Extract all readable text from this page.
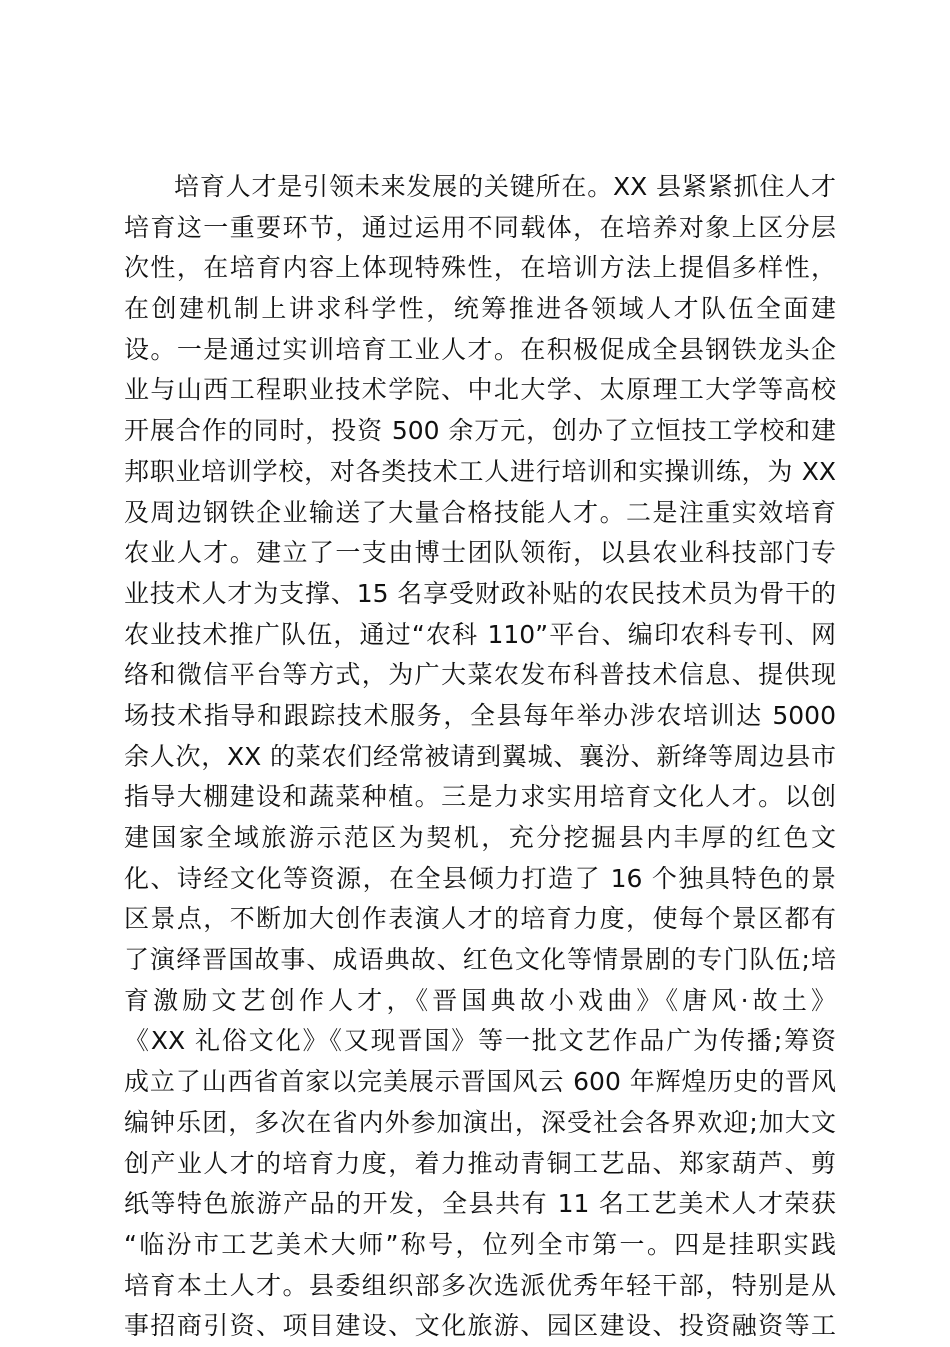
培育人才是引领未来发展的关键所在。XX 县紧紧抓住人才
培育这一重要环节，通过运用不同载体，在培养对象上区分层
次性，在培育内容上体现特殊性，在培训方法上提倡多样性，
在创建机制上讲求科学性，统筹推进各领域人才队伍全面建
设。一是通过实训培育工业人才。在积极促成全县钢铁龙头企
业与山西工程职业技术学院、中北大学、太原理工大学等高校
开展合作的同时，投资 500 余万元，创办了立恒技工学校和建
邦职业培训学校，对各类技术工人进行培训和实操训练，为 XX
及周边钢铁企业输送了大量合格技能人才。二是注重实效培育
农业人才。建立了一支由博士团队领衔，以县农业科技部门专
业技术人才为支撑、15 名享受财政补贴的农民技术员为骨干的
农业技术推广队伍，通过“农科 110”平台、编印农科专刊、网
络和微信平台等方式，为广大菜农发布科普技术信息、提供现
场技术指导和跟踪技术服务，全县每年举办涉农培训达 5000
余人次，XX 的菜农们经常被请到翼城、襄汾、新绛等周边县市
指导大棚建设和蔬菜种植。三是力求实用培育文化人才。以创
建国家全域旅游示范区为契机，充分挖掘县内丰厚的红色文
化、诗经文化等资源，在全县倾力打造了 16 个独具特色的景
区景点，不断加大创作表演人才的培育力度，使每个景区都有
了演绎晋国故事、成语典故、红色文化等情景剧的专门队伍;培
育激励文艺创作人才，《晋国典故小戏曲》《唐风·故土》
《XX 礼俗文化》《又现晋国》等一批文艺作品广为传播;筹资
成立了山西省首家以完美展示晋国风云 600 年辉煌历史的晋风
编钟乐团，多次在省内外参加演出，深受社会各界欢迎;加大文
创产业人才的培育力度，着力推动青铜工艺品、郑家葫芦、剪
纸等特色旅游产品的开发，全县共有 11 名工艺美术人才荣获
“临汾市工艺美术大师”称号，位列全市第一。四是挂职实践
培育本土人才。县委组织部多次选派优秀年轻干部，特别是从
事招商引资、项目建设、文化旅游、园区建设、投资融资等工
